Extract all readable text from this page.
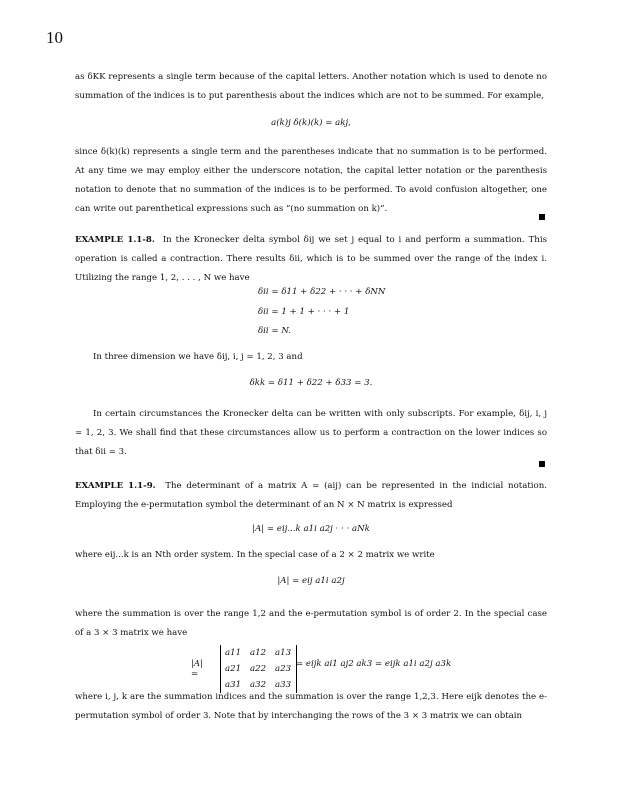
10
as δKK represents a single term because of the capital letters. Another notation which is used to denote no summation of the indices is to put parenthesis about the indices which are not to be summed. For example,
a(k)j δ(k)(k) = akj,
since δ(k)(k) represents a single term and the parentheses indicate that no summation is to be performed. At any time we may employ either the underscore notation, the capital letter notation or the parenthesis notation to denote that no summation of the indices is to be performed. To avoid confusion altogether, one can write out parenthetical expressions such as “(no summation on k)”.
EXAMPLE 1.1-8. In the Kronecker delta symbol δij we set j equal to i and perform a summation. This operation is called a contraction. There results δii, which is to be summed over the range of the index i. Utilizing the range 1, 2, . . . , N we have
δii = δ11 + δ22 + · · · + δNN
δii = 1 + 1 + · · · + 1
δii = N.
In three dimension we have δij, i, j = 1, 2, 3 and
δkk = δ11 + δ22 + δ33 = 3.
In certain circumstances the Kronecker delta can be written with only subscripts. For example, δij, i, j = 1, 2, 3. We shall find that these circumstances allow us to perform a contraction on the lower indices so that δii = 3.
EXAMPLE 1.1-9. The determinant of a matrix A = (aij) can be represented in the indicial notation. Employing the e-permutation symbol the determinant of an N × N matrix is expressed
|A| = eij...k a1i a2j · · · aNk
where eij...k is an Nth order system. In the special case of a 2 × 2 matrix we write
|A| = eij a1i a2j
where the summation is over the range 1,2 and the e-permutation symbol is of order 2. In the special case of a 3 × 3 matrix we have
|A| =
a11 a12 a13
a21 a22 a23
a31 a32 a33
= eijk ai1 aj2 ak3 = eijk a1i a2j a3k
where i, j, k are the summation indices and the summation is over the range 1,2,3. Here eijk denotes the e-permutation symbol of order 3. Note that by interchanging the rows of the 3 × 3 matrix we can obtain
